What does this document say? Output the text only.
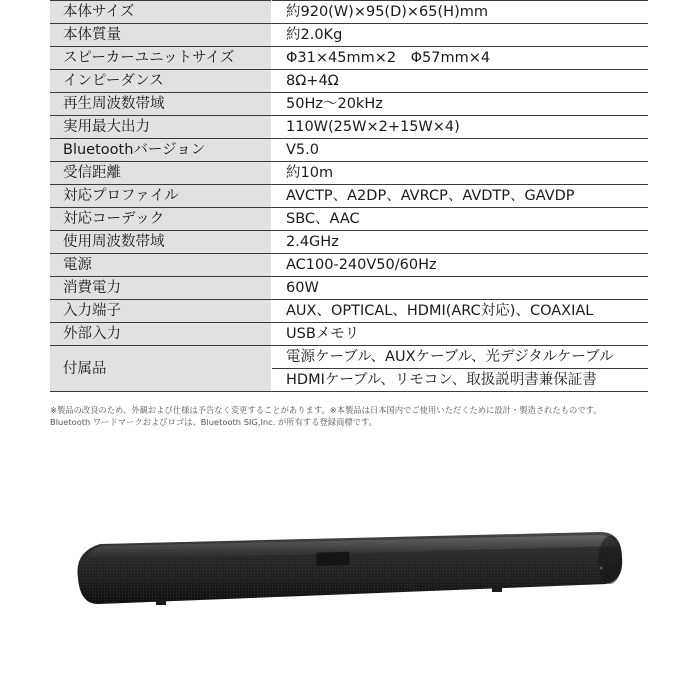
本体サイズ	約920(W)×95(D)×65(H)mm
本体質量	約2.0Kg
スピーカーユニットサイズ	Φ31×45mm×2　Φ57mm×4
インピーダンス	8Ω+4Ω
再生周波数帯域	50Hz〜20kHz
実用最大出力	110W(25W×2+15W×4)
Bluetoothバージョン	V5.0
受信距離	約10m
対応プロファイル	AVCTP、A2DP、AVRCP、AVDTP、GAVDP
対応コーデック	SBC、AAC
使用周波数帯域	2.4GHz
電源	AC100-240V50/60Hz
消費電力	60W
入力端子	AUX、OPTICAL、HDMI(ARC対応)、COAXIAL
外部入力	USBメモリ
付属品	電源ケーブル、AUXケーブル、光デジタルケーブル
HDMIケーブル、リモコン、取扱説明書兼保証書
※製品の改良のため、外観および仕様は予告なく変更することがあります。※本製品は日本国内でご使用いただくために設計・製造されたものです。
Bluetooth ワードマークおよびロゴは、Bluetooth SIG,Inc. が所有する登録商標です。
